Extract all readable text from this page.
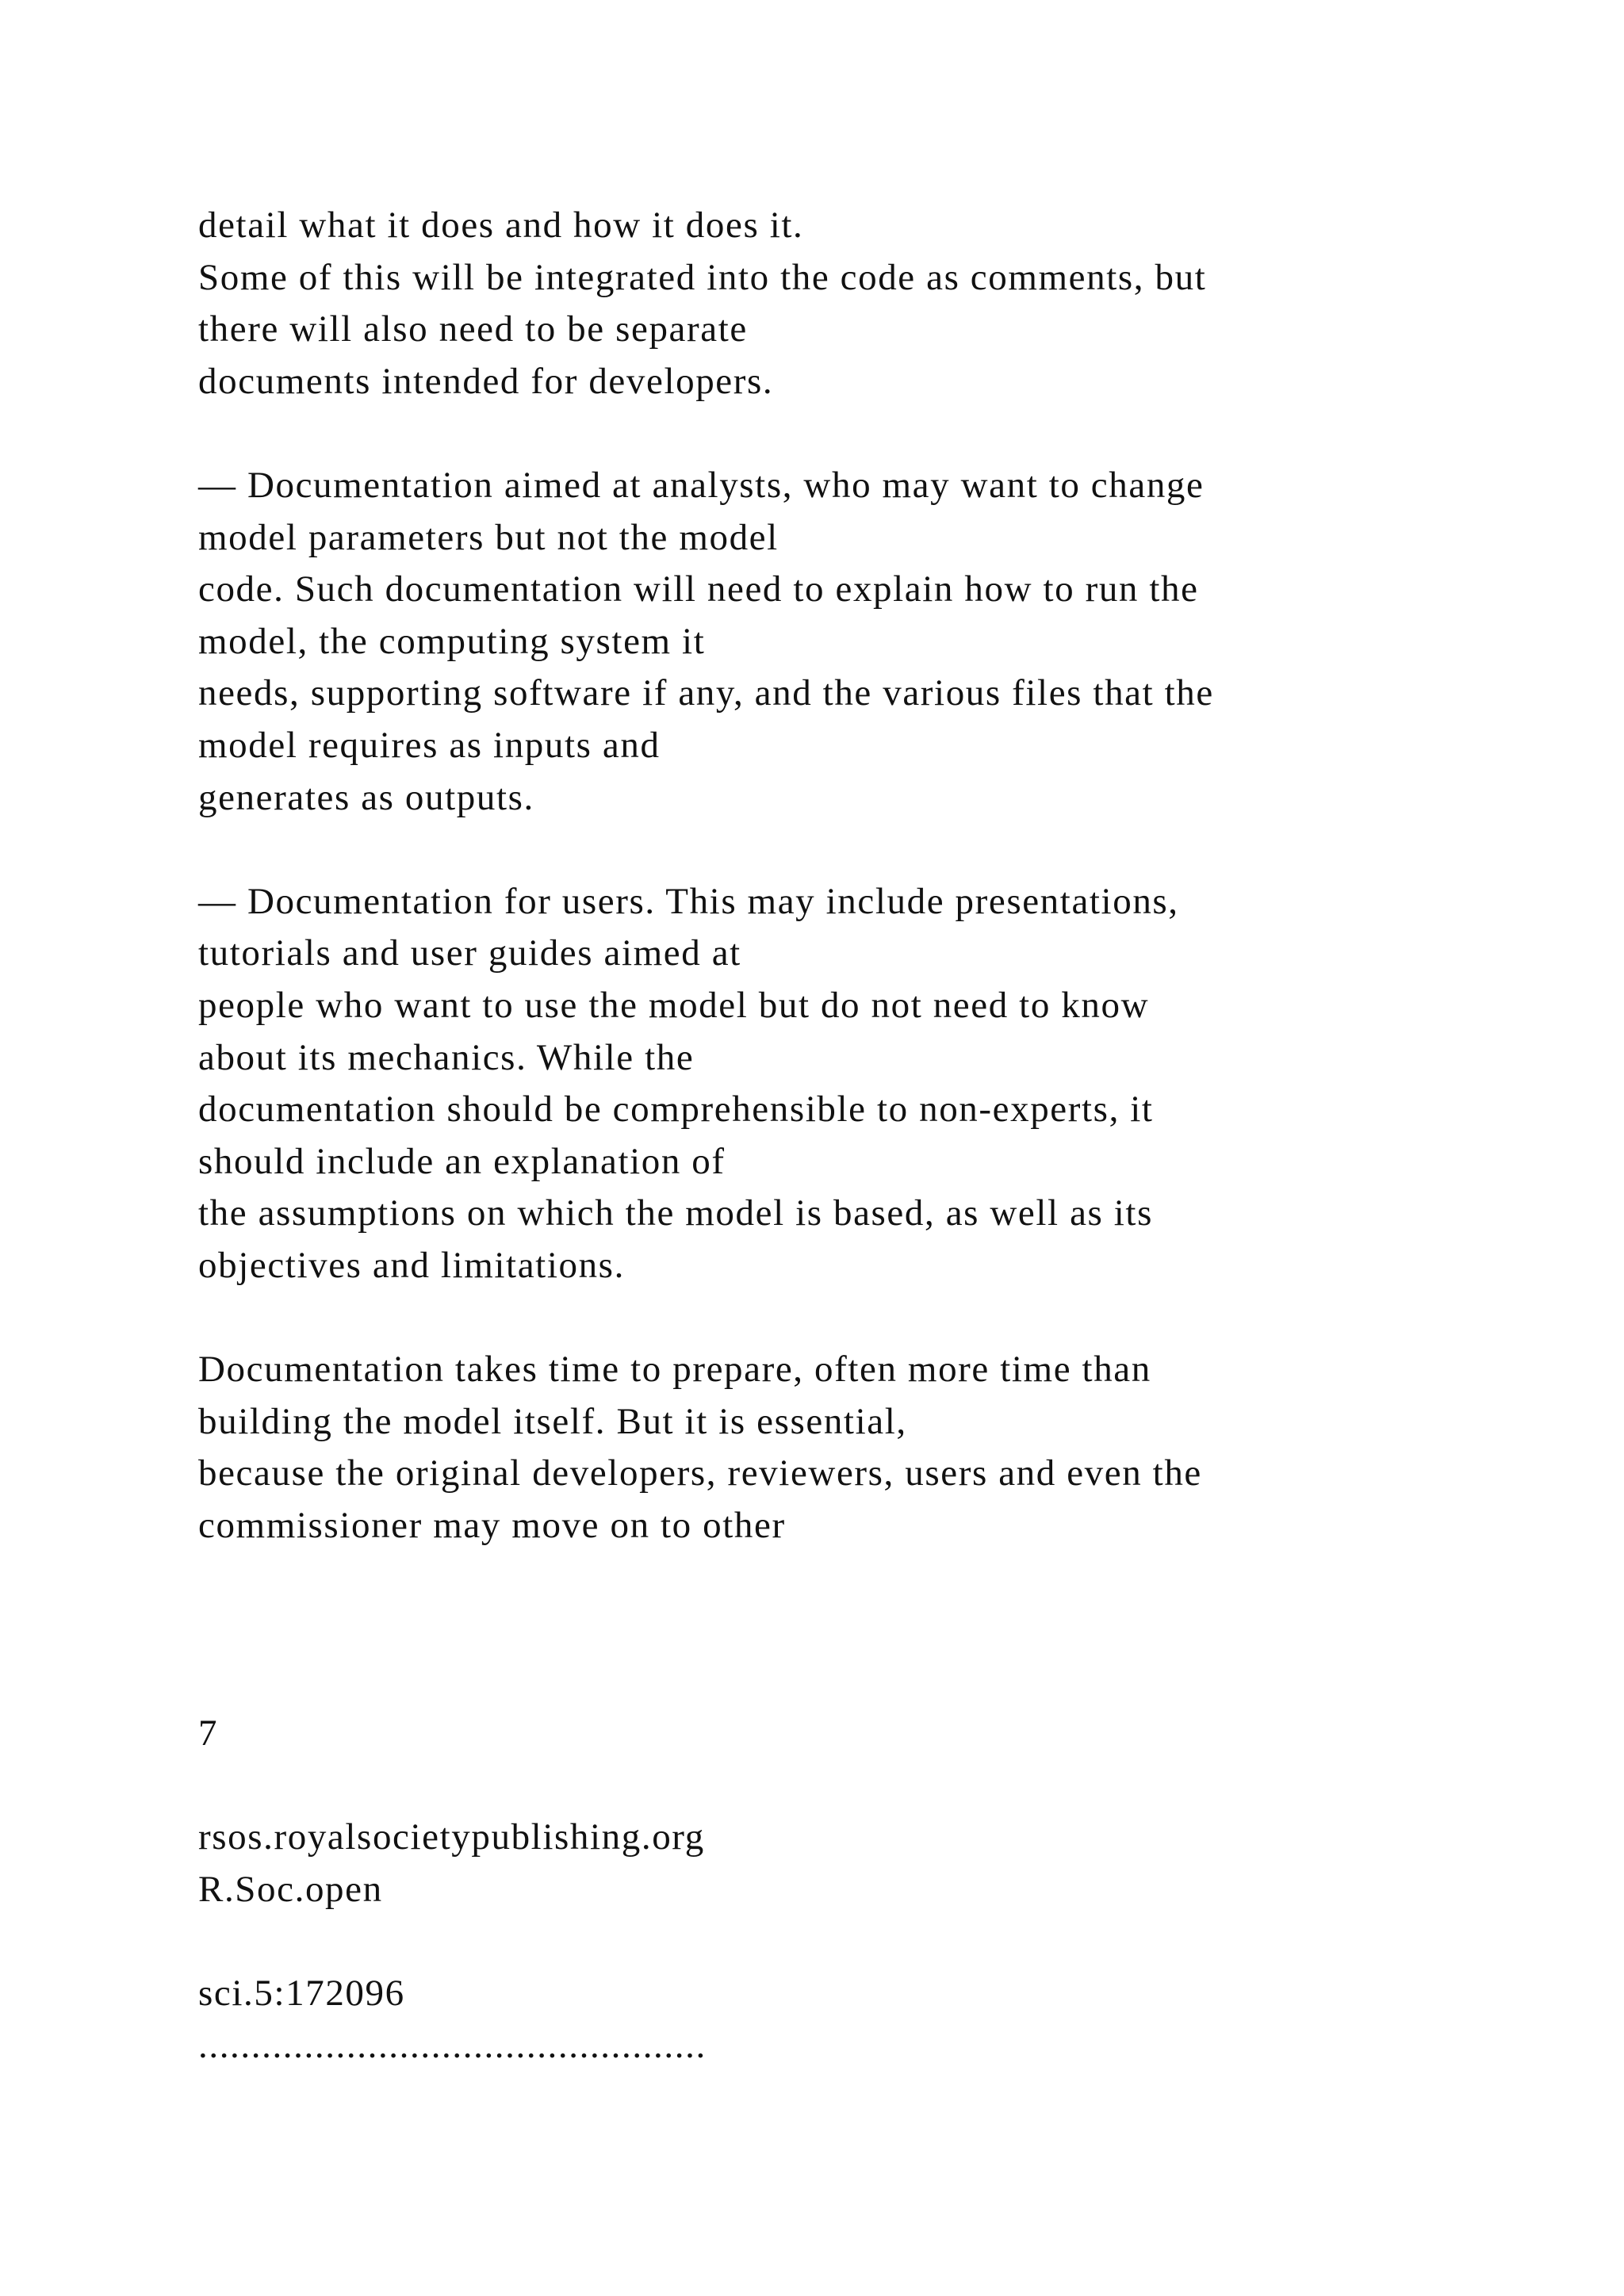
detail what it does and how it does it.
Some of this will be integrated into the code as comments, but
there will also need to be separate
documents intended for developers.
— Documentation aimed at analysts, who may want to change
model parameters but not the model
code. Such documentation will need to explain how to run the
model, the computing system it
needs, supporting software if any, and the various files that the
model requires as inputs and
generates as outputs.
— Documentation for users. This may include presentations,
tutorials and user guides aimed at
people who want to use the model but do not need to know
about its mechanics. While the
documentation should be comprehensible to non-experts, it
should include an explanation of
the assumptions on which the model is based, as well as its
objectives and limitations.
Documentation takes time to prepare, often more time than
building the model itself. But it is essential,
because the original developers, reviewers, users and even the
commissioner may move on to other
7
rsos.royalsocietypublishing.org
R.Soc.open
sci.5:172096
................................................
